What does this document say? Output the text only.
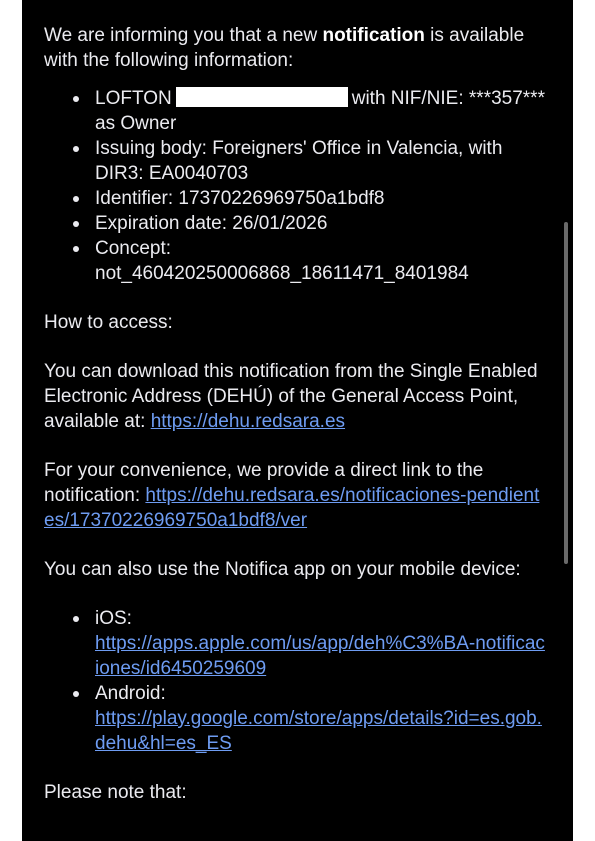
We are informing you that a new notification is available with the following information:

LOFTON	with NIF/NIE: ***357*** as Owner
Issuing body: Foreigners' Office in Valencia, with DIR3: EA0040703
Identifier: 17370226969750a1bdf8
Expiration date: 26/01/2026
Concept: not_460420250006868_18611471_8401984

How to access:

You can download this notification from the Single Enabled Electronic Address (DEHÚ) of the General Access Point, available at: https://dehu.redsara.es

For your convenience, we provide a direct link to the notification: https://dehu.redsara.es/notificaciones-pendientes/17370226969750a1bdf8/ver

You can also use the Notifica app on your mobile device:

iOS:
https://apps.apple.com/us/app/deh%C3%BA-notificaciones/id6450259609
Android:
https://play.google.com/store/apps/details?id=es.gob.dehu&hl=es_ES

Please note that:
